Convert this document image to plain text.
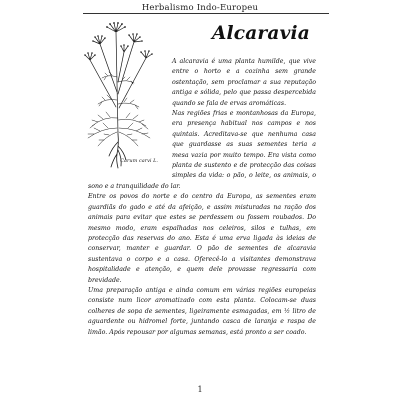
Herbalismo Indo-Europeu
Alcaravia
Carum carvi L.

A alcaravia é uma planta humilde, que vive entre o horto e a cozinha sem grande ostentação, sem proclamar a sua reputação antiga e sólida, pelo que passa despercebida quando se fala de ervas aromáticas.

Nas regiões frias e montanhosas da Europa, era presença habitual nos campos e nos quintais. Acreditava-se que nenhuma casa que guardasse as suas sementes teria a mesa vazia por muito tempo. Era vista como planta de sustento e de protecção das coisas simples da vida: o pão, o leite, os animais, o sono e a tranquilidade do lar.

Entre os povos do norte e do centro da Europa, as sementes eram guardiãs do gado e até da afeição, e assim misturadas na ração dos animais para evitar que estes se perdessem ou fossem roubados. Do mesmo modo, eram espalhadas nos celeiros, silos e tulhas, em protecção das reservas do ano. Esta é uma erva ligada às ideias de conservar, manter e guardar. O pão de sementes de alcaravia sustentava o corpo e a casa. Oferecê-lo a visitantes demonstrava hospitalidade e atenção, e quem dele provasse regressaria com brevidade.

Uma preparação antiga e ainda comum em várias regiões europeias consiste num licor aromatizado com esta planta. Colocam-se duas colheres de sopa de sementes, ligeiramente esmagadas, em ½ litro de aguardente ou hidromel forte, juntando casca de laranja e raspa de limão. Após repousar por algumas semanas, está pronto a ser coado.

1
